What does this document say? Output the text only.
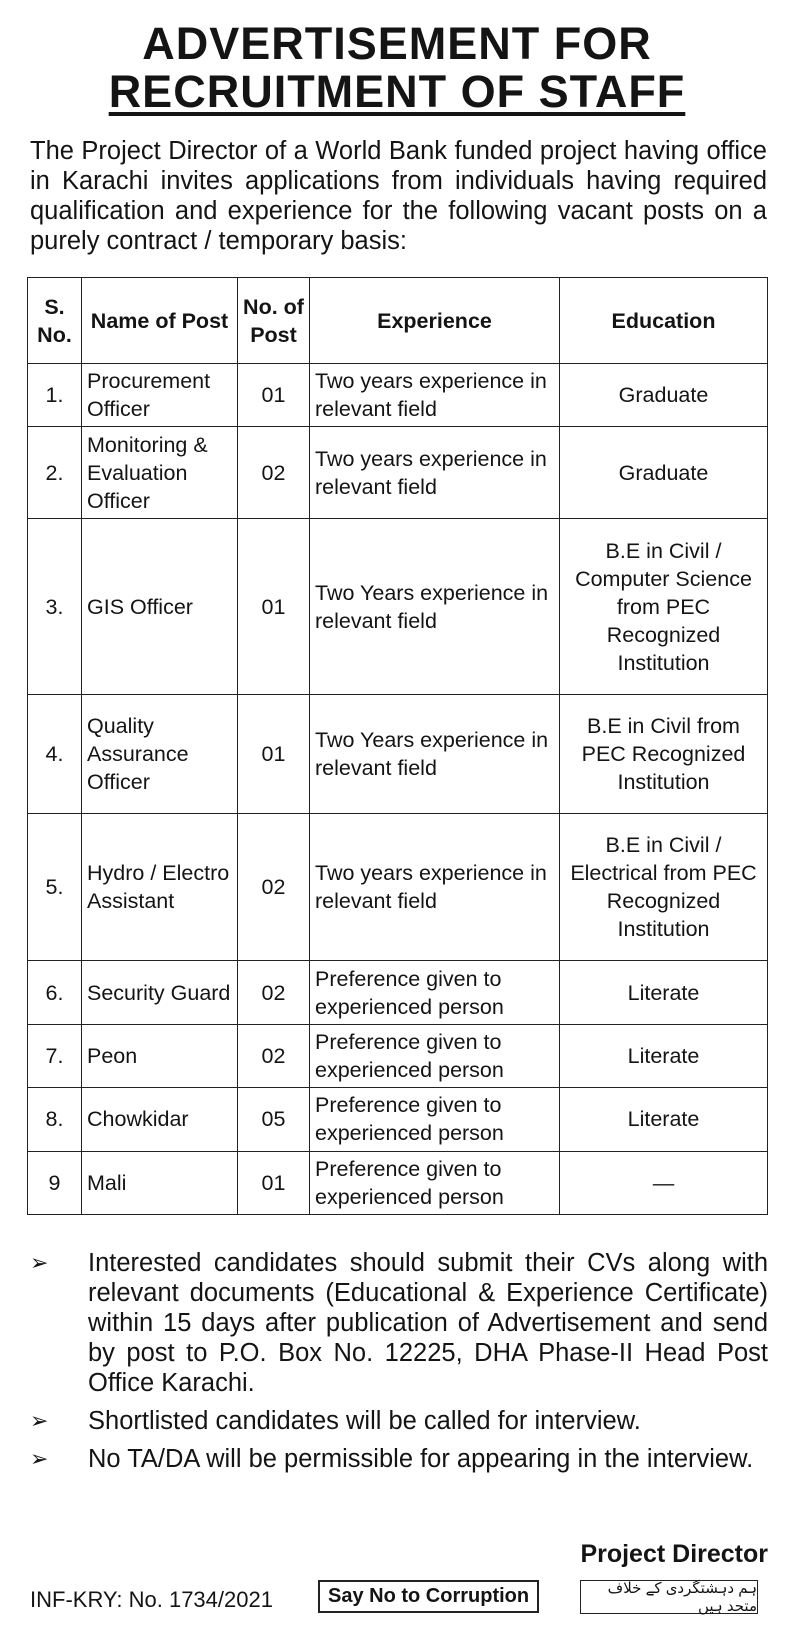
ADVERTISEMENT FOR
RECRUITMENT OF STAFF
The Project Director of a World Bank funded project having office in Karachi invites applications from individuals having required qualification and experience for the following vacant posts on a purely contract / temporary basis:
S. No.	Name of Post	No. of Post	Experience	Education
1.	Procurement Officer	01	Two years experience in relevant field	Graduate
2.	Monitoring & Evaluation Officer	02	Two years experience in relevant field	Graduate
3.	GIS Officer	01	Two Years experience in relevant field	B.E in Civil / Computer Science from PEC Recognized Institution
4.	Quality Assurance Officer	01	Two Years experience in relevant field	B.E in Civil from PEC Recognized Institution
5.	Hydro / Electro Assistant	02	Two years experience in relevant field	B.E in Civil / Electrical from PEC Recognized Institution
6.	Security Guard	02	Preference given to experienced person	Literate
7.	Peon	02	Preference given to experienced person	Literate
8.	Chowkidar	05	Preference given to experienced person	Literate
9	Mali	01	Preference given to experienced person	—
➢ Interested candidates should submit their CVs along with relevant documents (Educational & Experience Certificate) within 15 days after publication of Advertisement and send by post to P.O. Box No. 12225, DHA Phase-II Head Post Office Karachi.
➢ Shortlisted candidates will be called for interview.
➢ No TA/DA will be permissible for appearing in the interview.
Project Director
INF-KRY: No. 1734/2021	Say No to Corruption	ہم دہشتگردی کے خلاف متحد ہیں
